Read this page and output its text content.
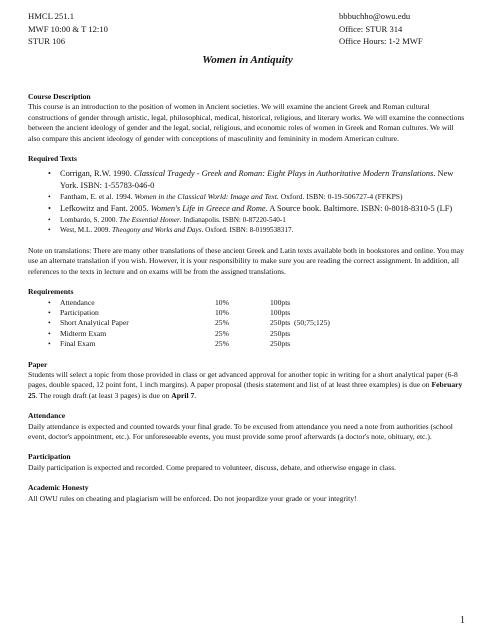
HMCL 251.1	bbbuchho@owu.edu
MWF 10:00 & T 12:10	Office: STUR 314
STUR 106	Office Hours: 1-2 MWF
Women in Antiquity

Course Description

This course is an introduction to the position of women in Ancient societies. We will examine the ancient Greek and Roman cultural constructions of gender through artistic, legal, philosophical, medical, historical, religious, and literary works. We will examine the connections between the ancient ideology of gender and the legal, social, religious, and economic roles of women in Greek and Roman cultures. We will also compare this ancient ideology of gender with conceptions of masculinity and femininity in modern American culture.

Required Texts

• Corrigan, R.W. 1990. Classical Tragedy - Greek and Roman: Eight Plays in Authoritative Modern Translations. New York. ISBN: 1-55783-046-0
• Fantham, E. et al. 1994. Women in the Classical World: Image and Text. Oxford. ISBN: 0-19-506727-4 (FFKPS)
• Lefkowitz and Fant. 2005. Women's Life in Greece and Rome. A Source book. Baltimore. ISBN: 0-8018-8310-5 (LF)
• Lombardo, S. 2000. The Essential Homer. Indianapolis. ISBN: 0-87220-540-1
• West, M.L. 2009. Theogony and Works and Days. Oxford. ISBN: 8-0199538317.

Note on translations: There are many other translations of these ancient Greek and Latin texts available both in bookstores and online. You may use an alternate translation if you wish. However, it is your responsibility to make sure you are reading the correct assignment. In addition, all references to the texts in lecture and on exams will be from the assigned translations.

Requirements

• Attendance	10%	100pts
• Participation	10%	100pts
• Short Analytical Paper	25%	250pts  (50;75;125)
• Midterm Exam	25%	250pts
• Final Exam	25%	250pts

Paper

Students will select a topic from those provided in class or get advanced approval for another topic in writing for a short analytical paper (6-8 pages, double spaced, 12 point font, 1 inch margins). A paper proposal (thesis statement and list of at least three examples) is due on February 25. The rough draft (at least 3 pages) is due on April 7.

Attendance

Daily attendance is expected and counted towards your final grade. To be excused from attendance you need a note from authorities (school event, doctor's appointment, etc.). For unforeseeable events, you must provide some proof afterwards (a doctor's note, obituary, etc.).

Participation

Daily participation is expected and recorded. Come prepared to volunteer, discuss, debate, and otherwise engage in class.

Academic Honesty

All OWU rules on cheating and plagiarism will be enforced. Do not jeopardize your grade or your integrity!

1
